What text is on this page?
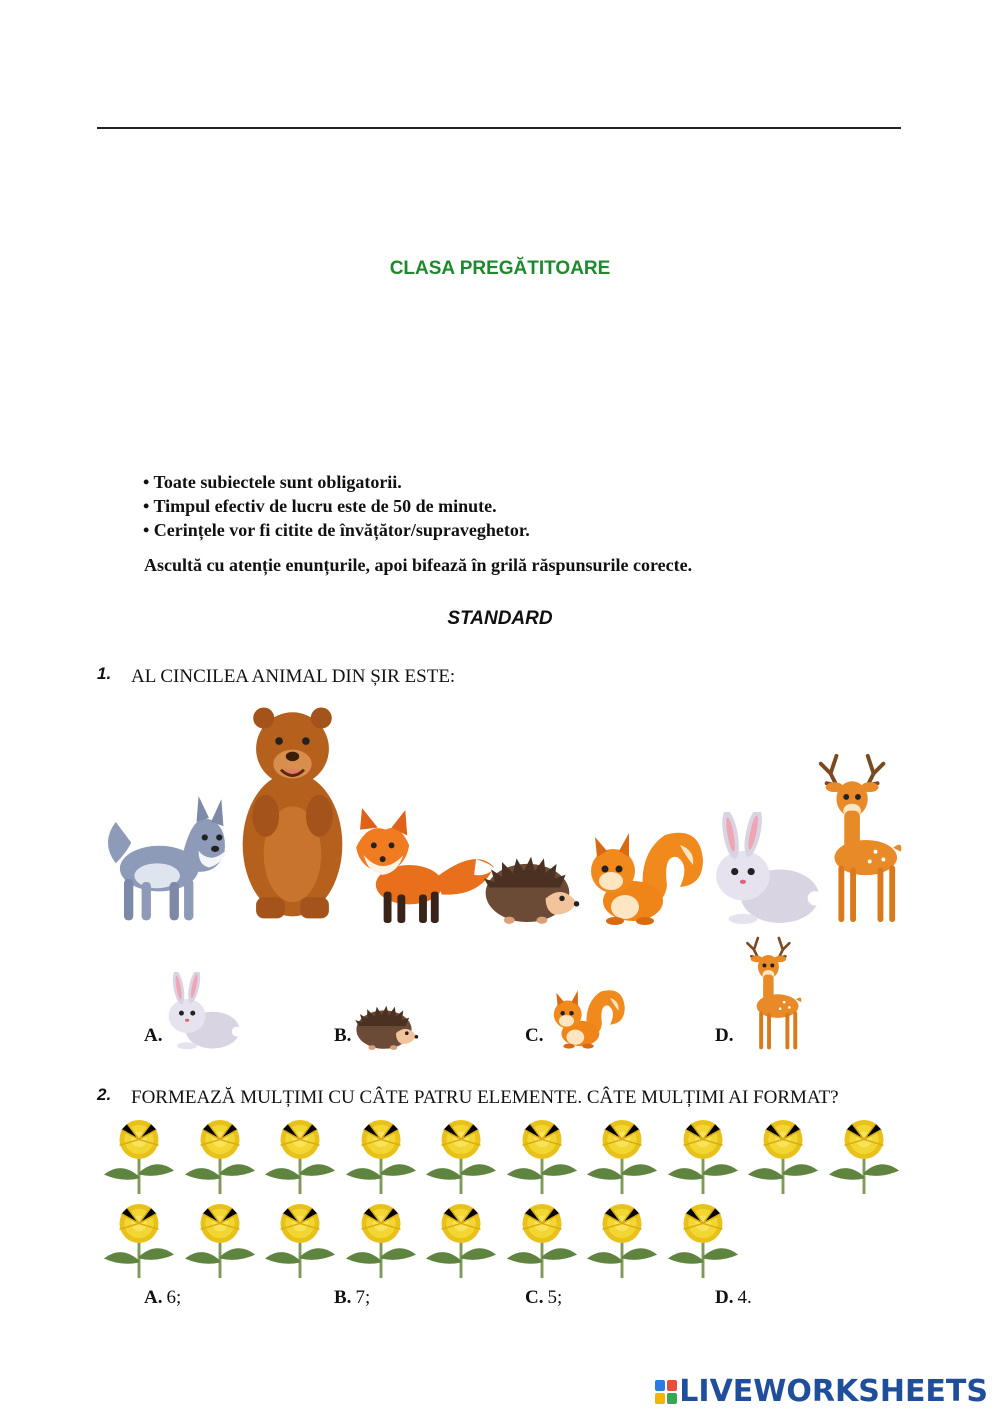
CLASA PREGĂTITOARE
• Toate subiectele sunt obligatorii.
• Timpul efectiv de lucru este de 50 de minute.
• Cerințele vor fi citite de învățător/supraveghetor.
Ascultă cu atenție enunțurile, apoi bifează în grilă răspunsurile corecte.
STANDARD
1. AL CINCILEA ANIMAL DIN ȘIR ESTE:
A.	B.	C.	D.
2. FORMEAZĂ MULȚIMI CU CÂTE PATRU ELEMENTE. CÂTE MULȚIMI AI FORMAT?
A. 6;	B. 7;	C. 5;	D. 4.
LIVEWORKSHEETS
